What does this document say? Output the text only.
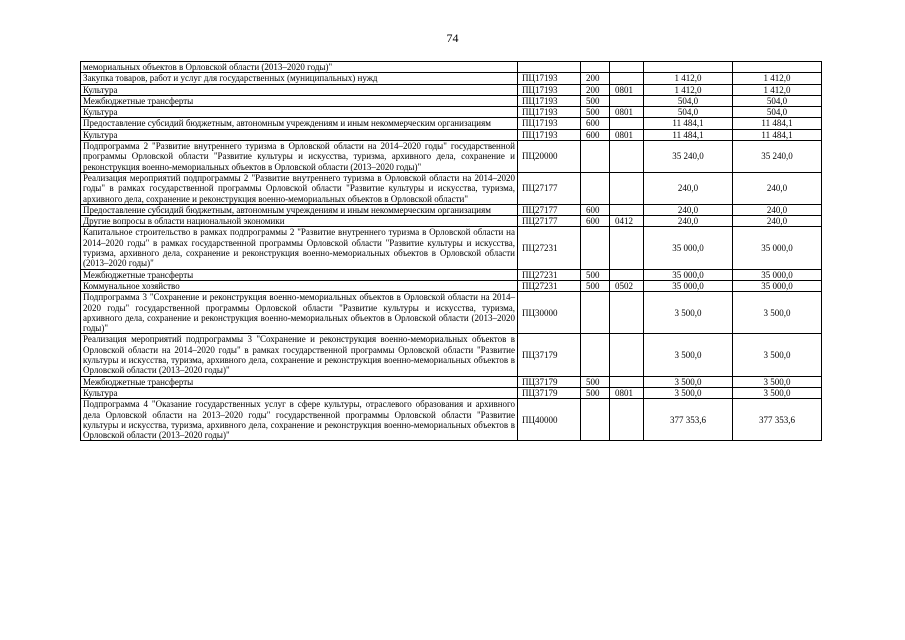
74
мемориальных объектов в Орловской области (2013–2020 годы)"					
Закупка товаров, работ и услуг для государственных (муниципальных) нужд	ПЦ17193	200		1 412,0	1 412,0
Культура	ПЦ17193	200	0801	1 412,0	1 412,0
Межбюджетные трансферты	ПЦ17193	500		504,0	504,0
Культура	ПЦ17193	500	0801	504,0	504,0
Предоставление субсидий бюджетным, автономным учреждениям и иным некоммерческим организациям	ПЦ17193	600		11 484,1	11 484,1
Культура	ПЦ17193	600	0801	11 484,1	11 484,1
Подпрограмма 2 "Развитие внутреннего туризма в Орловской области на 2014–2020 годы" государственной программы Орловской области "Развитие культуры и искусства, туризма, архивного дела, сохранение и реконструкция военно-мемориальных объектов в Орловской области (2013–2020 годы)"	ПЦ20000			35 240,0	35 240,0
Реализация мероприятий подпрограммы 2 "Развитие внутреннего туризма в Орловской области на 2014–2020 годы" в рамках государственной программы Орловской области "Развитие культуры и искусства, туризма, архивного дела, сохранение и реконструкция военно-мемориальных объектов в Орловской области"	ПЦ27177			240,0	240,0
Предоставление субсидий бюджетным, автономным учреждениям и иным некоммерческим организациям	ПЦ27177	600		240,0	240,0
Другие вопросы в области национальной экономики	ПЦ27177	600	0412	240,0	240,0
Капитальное строительство в рамках подпрограммы 2 "Развитие внутреннего туризма в Орловской области на 2014–2020 годы" в рамках государственной программы Орловской области "Развитие культуры и искусства, туризма, архивного дела, сохранение и реконструкция военно-мемориальных объектов в Орловской области (2013–2020 годы)"	ПЦ27231			35 000,0	35 000,0
Межбюджетные трансферты	ПЦ27231	500		35 000,0	35 000,0
Коммунальное хозяйство	ПЦ27231	500	0502	35 000,0	35 000,0
Подпрограмма 3 "Сохранение и реконструкция военно-мемориальных объектов в Орловской области на 2014–2020 годы" государственной программы Орловской области "Развитие культуры и искусства, туризма, архивного дела, сохранение и реконструкция военно-мемориальных объектов в Орловской области (2013–2020 годы)"	ПЦ30000			3 500,0	3 500,0
Реализация мероприятий подпрограммы 3 "Сохранение и реконструкция военно-мемориальных объектов в Орловской области на 2014–2020 годы" в рамках государственной программы Орловской области "Развитие культуры и искусства, туризма, архивного дела, сохранение и реконструкция военно-мемориальных объектов в Орловской области (2013–2020 годы)"	ПЦ37179			3 500,0	3 500,0
Межбюджетные трансферты	ПЦ37179	500		3 500,0	3 500,0
Культура	ПЦ37179	500	0801	3 500,0	3 500,0
Подпрограмма 4 "Оказание государственных услуг в сфере культуры, отраслевого образования и архивного дела Орловской области на 2013–2020 годы" государственной программы Орловской области "Развитие культуры и искусства, туризма, архивного дела, сохранение и реконструкция военно-мемориальных объектов в Орловской области (2013–2020 годы)"	ПЦ40000			377 353,6	377 353,6
